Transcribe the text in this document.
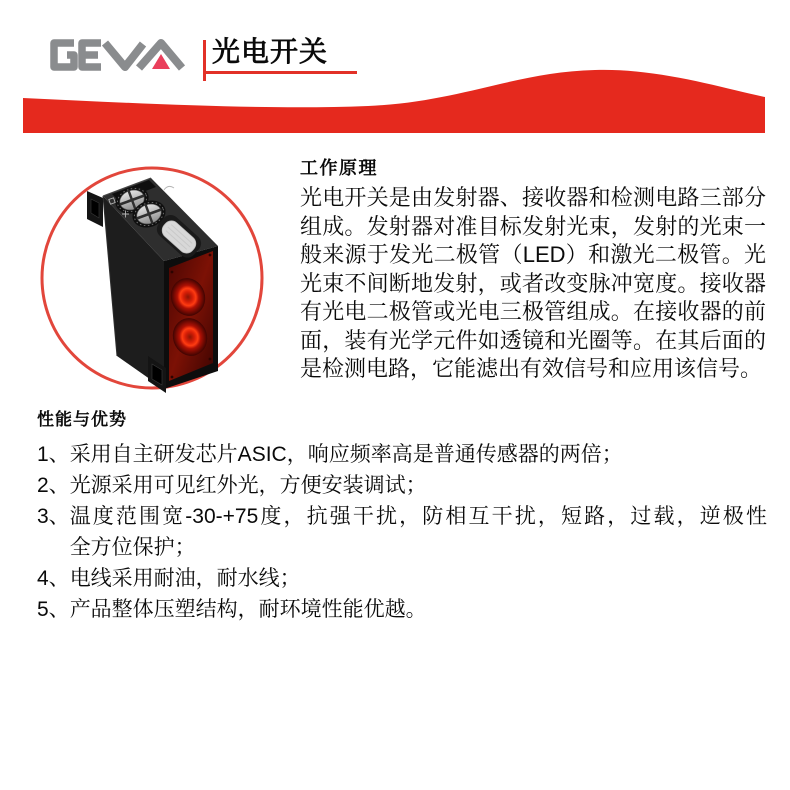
光电开关
工作原理
光电开关是由发射器、接收器和检测电路三部分
组成。发射器对准目标发射光束，发射的光束一
般来源于发光二极管（LED）和激光二极管。光
光束不间断地发射，或者改变脉冲宽度。接收器
有光电二极管或光电三极管组成。在接收器的前
面，装有光学元件如透镜和光圈等。在其后面的
是检测电路，它能滤出有效信号和应用该信号。
性能与优势
1、 采用自主研发芯片ASIC，响应频率高是普通传感器的两倍；
2、 光源采用可见红外光，方便安装调试；
3、 温度范围宽-30-+75度，抗强干扰，防相互干扰，短路，过载，逆极性
全方位保护；
4、 电线采用耐油，耐水线；
5、 产品整体压塑结构，耐环境性能优越。
